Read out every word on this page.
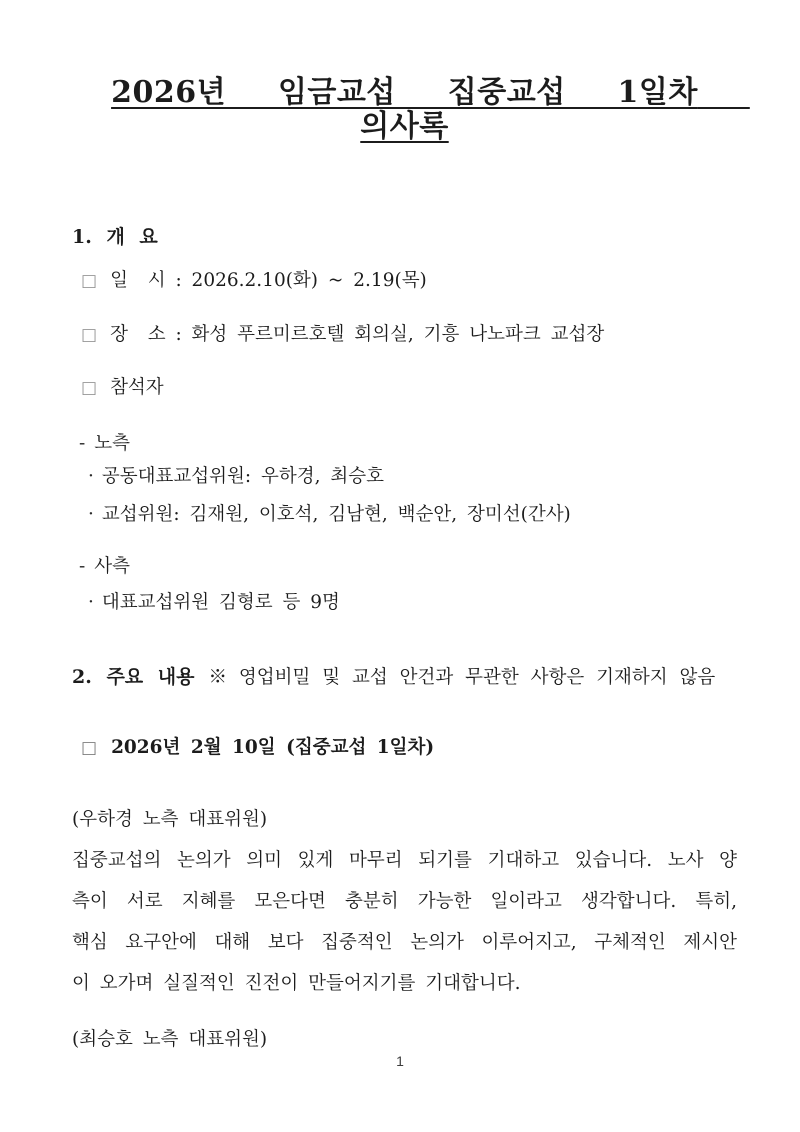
2026년  임금교섭  집중교섭  1일차  의사록
1. 개 요
□ 일  시 : 2026.2.10(화) ~ 2.19(목)
□ 장  소 : 화성 푸르미르호텔 회의실, 기흥 나노파크 교섭장
□ 참석자
- 노측
· 공동대표교섭위원: 우하경, 최승호
· 교섭위원: 김재원, 이호석, 김남현, 백순안, 장미선(간사)
- 사측
· 대표교섭위원 김형로 등 9명
2. 주요 내용 ※ 영업비밀 및 교섭 안건과 무관한 사항은 기재하지 않음
□ 2026년 2월 10일 (집중교섭 1일차)
(우하경 노측 대표위원)
집중교섭의 논의가 의미 있게 마무리 되기를 기대하고 있습니다. 노사 양
측이 서로 지혜를 모은다면 충분히 가능한 일이라고 생각합니다. 특히,
핵심 요구안에 대해 보다 집중적인 논의가 이루어지고, 구체적인 제시안
이 오가며 실질적인 진전이 만들어지기를 기대합니다.
(최승호 노측 대표위원)
1
